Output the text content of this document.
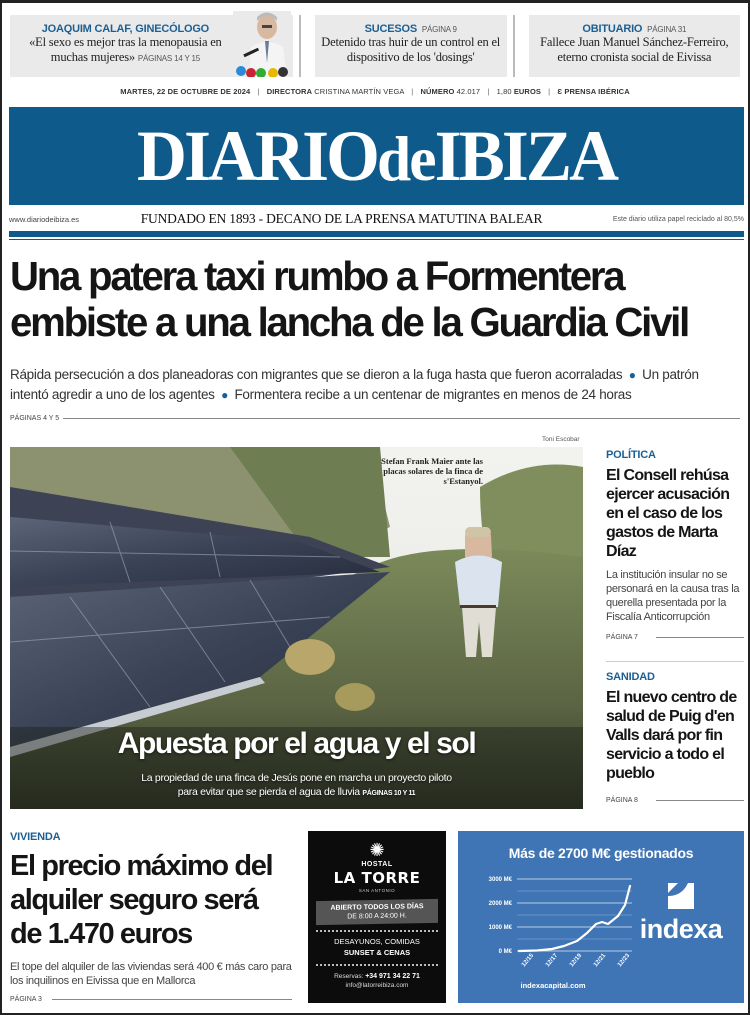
JOAQUIM CALAF, GINECÓLOGO
«El sexo es mejor tras la menopausia en muchas mujeres» PÁGINAS 14 Y 15
SUCESOS PÁGINA 9
Detenido tras huir de un control en el dispositivo de los 'dosings'
OBITUARIO PÁGINA 31
Fallece Juan Manuel Sánchez-Ferreiro, eterno cronista social de Eivissa
MARTES, 22 DE OCTUBRE DE 2024 | DIRECTORA CRISTINA MARTÍN VEGA | NÚMERO 42.017 | 1,80 EUROS | Ɛ PRENSA IBÉRICA
DIARIOdeIBIZA
www.diariodeibiza.es	FUNDADO EN 1893 - DECANO DE LA PRENSA MATUTINA BALEAR	Este diario utiliza papel reciclado al 80,5%
Una patera taxi rumbo a Formentera
embiste a una lancha de la Guardia Civil
Rápida persecución a dos planeadoras con migrantes que se dieron a la fuga hasta que fueron acorraladas ● Un patrón intentó agredir a uno de los agentes ● Formentera recibe a un centenar de migrantes en menos de 24 horas
PÁGINAS 4 Y 5
Toni Escobar
Stefan Frank Maier ante las placas solares de la finca de s'Estanyol.
Apuesta por el agua y el sol
La propiedad de una finca de Jesús pone en marcha un proyecto piloto
para evitar que se pierda el agua de lluvia PÁGINAS 10 Y 11
POLÍTICA
El Consell rehúsa ejercer acusación en el caso de los gastos de Marta Díaz
La institución insular no se personará en la causa tras la querella presentada por la Fiscalía Anticorrupción
PÁGINA 7
SANIDAD
El nuevo centro de salud de Puig d'en Valls dará por fin servicio a todo el pueblo
PÁGINA 8
VIVIENDA
El precio máximo del alquiler seguro será de 1.470 euros
El tope del alquiler de las viviendas será 400 € más caro para los inquilinos en Eivissa que en Mallorca
PÁGINA 3
✺
HOSTAL
LA TORRE
SAN ANTONIO
ABIERTO TODOS LOS DÍAS
DE 8:00 A 24:00 H.
DESAYUNOS, COMIDAS
SUNSET & CENAS
Reservas: +34 971 34 22 71
info@latorreibiza.com
Más de 2700 M€ gestionados
3000 M€
2000 M€
1000 M€
0 M€
12/15 12/17 12/19 12/21 12/23
indexa
indexacapital.com
